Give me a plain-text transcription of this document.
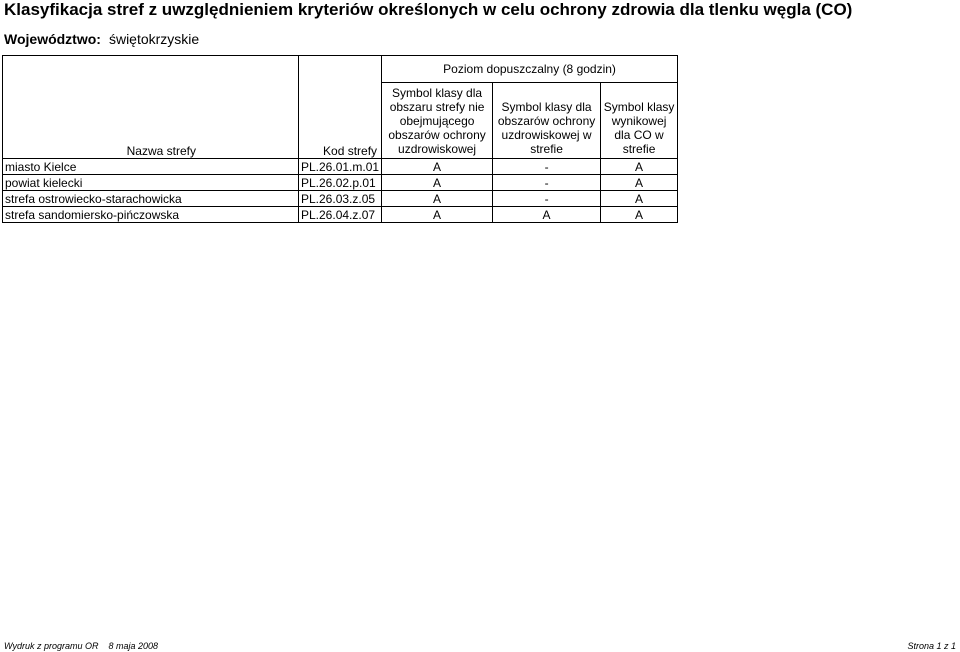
Klasyfikacja stref z uwzględnieniem kryteriów określonych w celu ochrony zdrowia dla tlenku węgla (CO)
Województwo: świętokrzyskie
Nazwa strefy	Kod strefy	Poziom dopuszczalny (8 godzin)		
		Symbol klasy dla obszaru strefy nie obejmującego obszarów ochrony uzdrowiskowej	Symbol klasy dla obszarów ochrony uzdrowiskowej w strefie	Symbol klasy wynikowej dla CO w strefie
miasto Kielce	PL.26.01.m.01	A	-	A
powiat kielecki	PL.26.02.p.01	A	-	A
strefa ostrowiecko-starachowicka	PL.26.03.z.05	A	-	A
strefa sandomiersko-pińczowska	PL.26.04.z.07	A	A	A
Wydruk z programu OR    8 maja 2008	Strona 1 z 1
